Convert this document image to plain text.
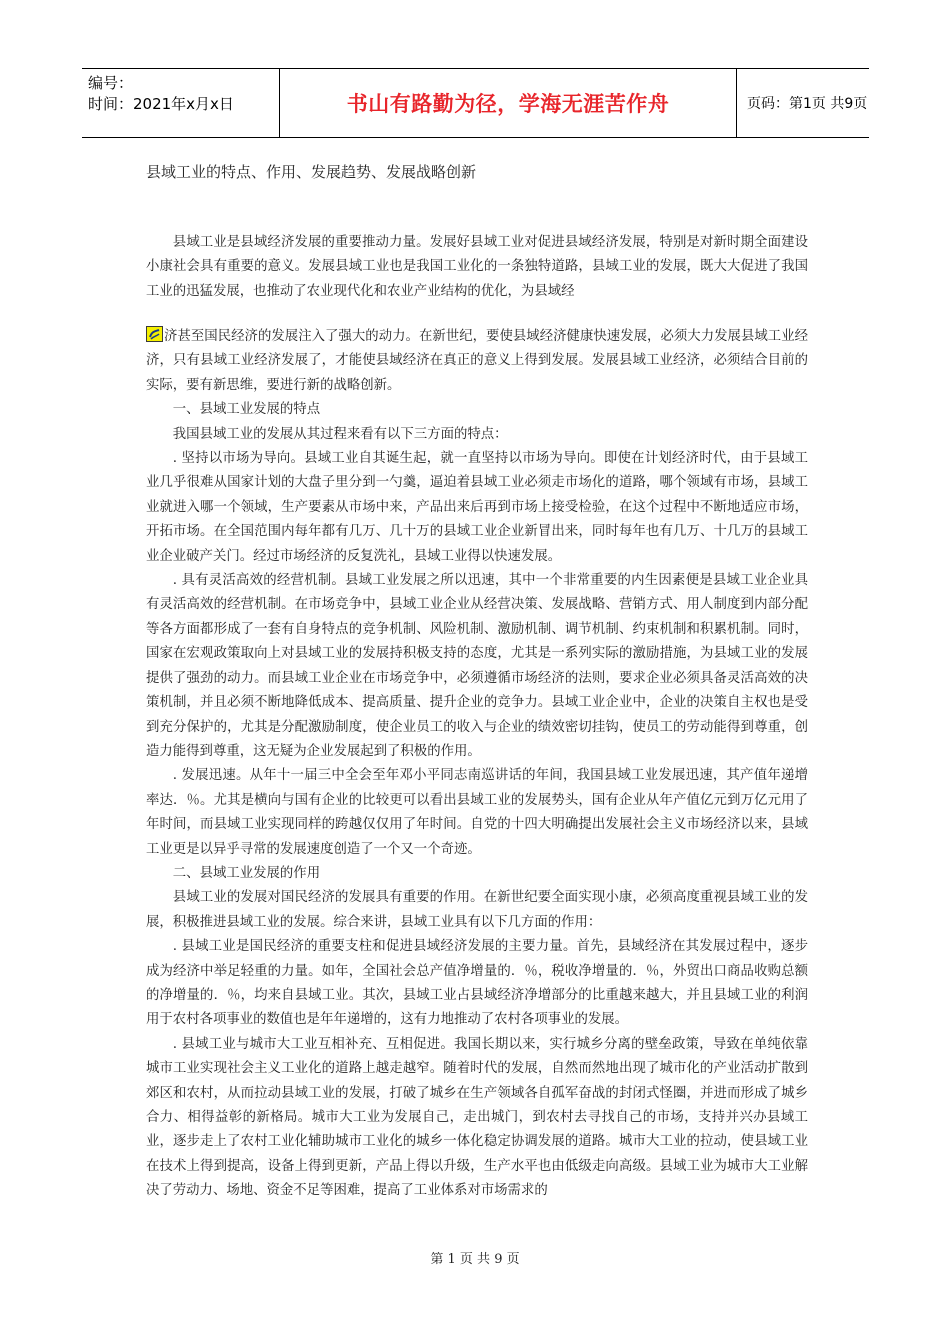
编号：
时间：2021年x月x日	书山有路勤为径，学海无涯苦作舟	页码：第1页 共9页
县域工业的特点、作用、发展趋势、发展战略创新

县域工业是县域经济发展的重要推动力量。发展好县域工业对促进县域经济发展，特别是对新时期全面建设小康社会具有重要的意义。发展县域工业也是我国工业化的一条独特道路，县域工业的发展，既大大促进了我国工业的迅猛发展，也推动了农业现代化和农业产业结构的优化，为县域经

济甚至国民经济的发展注入了强大的动力。在新世纪，要使县域经济健康快速发展，必须大力发展县域工业经济，只有县域工业经济发展了，才能使县域经济在真正的意义上得到发展。发展县域工业经济，必须结合目前的实际，要有新思维，要进行新的战略创新。

一、县域工业发展的特点

我国县域工业的发展从其过程来看有以下三方面的特点：

. 坚持以市场为导向。县域工业自其诞生起，就一直坚持以市场为导向。即使在计划经济时代，由于县域工业几乎很难从国家计划的大盘子里分到一勺羹，逼迫着县域工业必须走市场化的道路，哪个领域有市场，县域工业就进入哪一个领域，生产要素从市场中来，产品出来后再到市场上接受检验，在这个过程中不断地适应市场，开拓市场。在全国范围内每年都有几万、几十万的县域工业企业新冒出来，同时每年也有几万、十几万的县域工业企业破产关门。经过市场经济的反复洗礼，县域工业得以快速发展。

. 具有灵活高效的经营机制。县域工业发展之所以迅速，其中一个非常重要的内生因素便是县域工业企业具有灵活高效的经营机制。在市场竞争中，县域工业企业从经营决策、发展战略、营销方式、用人制度到内部分配等各方面都形成了一套有自身特点的竞争机制、风险机制、激励机制、调节机制、约束机制和积累机制。同时，国家在宏观政策取向上对县域工业的发展持积极支持的态度，尤其是一系列实际的激励措施，为县域工业的发展提供了强劲的动力。而县域工业企业在市场竞争中，必须遵循市场经济的法则，要求企业必须具备灵活高效的决策机制，并且必须不断地降低成本、提高质量、提升企业的竞争力。县域工业企业中，企业的决策自主权也是受到充分保护的，尤其是分配激励制度，使企业员工的收入与企业的绩效密切挂钩，使员工的劳动能得到尊重，创造力能得到尊重，这无疑为企业发展起到了积极的作用。

. 发展迅速。从年十一届三中全会至年邓小平同志南巡讲话的年间，我国县域工业发展迅速，其产值年递增率达．％。尤其是横向与国有企业的比较更可以看出县域工业的发展势头，国有企业从年产值亿元到万亿元用了年时间，而县域工业实现同样的跨越仅仅用了年时间。自党的十四大明确提出发展社会主义市场经济以来，县域工业更是以异乎寻常的发展速度创造了一个又一个奇迹。

二、县域工业发展的作用

县域工业的发展对国民经济的发展具有重要的作用。在新世纪要全面实现小康，必须高度重视县域工业的发展，积极推进县域工业的发展。综合来讲，县域工业具有以下几方面的作用：

. 县域工业是国民经济的重要支柱和促进县域经济发展的主要力量。首先，县域经济在其发展过程中，逐步成为经济中举足轻重的力量。如年，全国社会总产值净增量的．％，税收净增量的．％，外贸出口商品收购总额的净增量的．％，均来自县域工业。其次，县域工业占县域经济净增部分的比重越来越大，并且县域工业的利润用于农村各项事业的数值也是年年递增的，这有力地推动了农村各项事业的发展。

. 县域工业与城市大工业互相补充、互相促进。我国长期以来，实行城乡分离的壁垒政策，导致在单纯依靠城市工业实现社会主义工业化的道路上越走越窄。随着时代的发展，自然而然地出现了城市化的产业活动扩散到郊区和农村，从而拉动县域工业的发展，打破了城乡在生产领域各自孤军奋战的封闭式怪圈，并进而形成了城乡合力、相得益彰的新格局。城市大工业为发展自己，走出城门，到农村去寻找自己的市场，支持并兴办县域工业，逐步走上了农村工业化辅助城市工业化的城乡一体化稳定协调发展的道路。城市大工业的拉动，使县域工业在技术上得到提高，设备上得到更新，产品上得以升级，生产水平也由低级走向高级。县域工业为城市大工业解决了劳动力、场地、资金不足等困难，提高了工业体系对市场需求的

第 1 页 共 9 页
